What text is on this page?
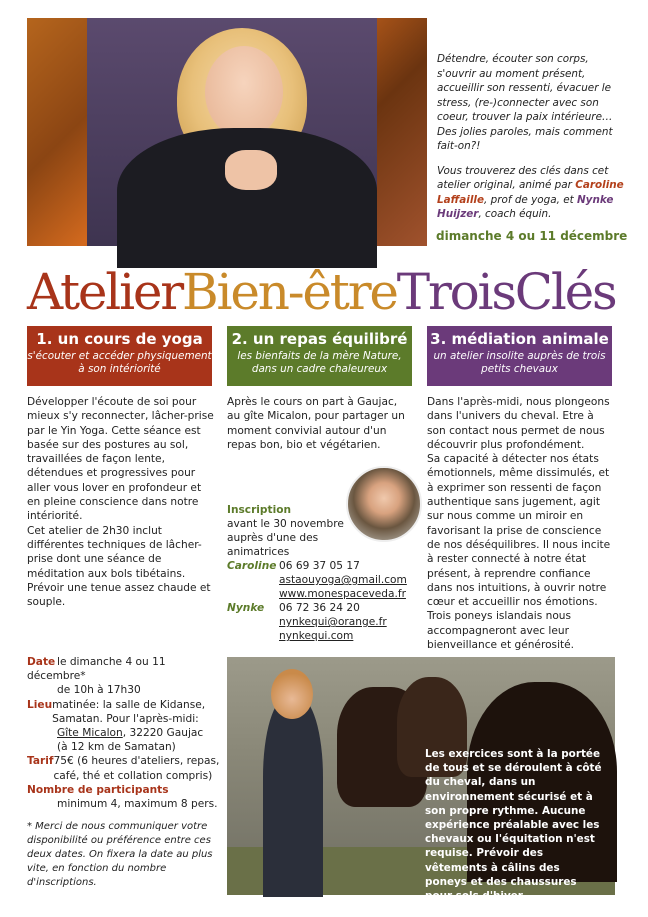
Détendre, écouter son corps, s'ouvrir au moment présent, accueillir son ressenti, évacuer le stress, (re-)connecter avec son coeur, trouver la paix intérieure… Des jolies paroles, mais comment fait-on?!

Vous trouverez des clés dans cet atelier original, animé par Caroline Laffaille, prof de yoga, et Nynke Huijzer, coach équin.

dimanche 4 ou 11 décembre
AtelierBien-êtreTroisClés
1. un cours de yoga
s'écouter et accéder physiquement à son intériorité
2. un repas équilibré
les bienfaits de la mère Nature, dans un cadre chaleureux
3. médiation animale
un atelier insolite auprès de trois petits chevaux

Développer l'écoute de soi pour mieux s'y reconnecter, lâcher-prise par le Yin Yoga. Cette séance est basée sur des postures au sol, travaillées de façon lente, détendues et progressives pour aller vous lover en profondeur et en pleine conscience dans notre intériorité.

Cet atelier de 2h30 inclut différentes techniques de lâcher-prise dont une séance de méditation aux bols tibétains.

Prévoir une tenue assez chaude et souple.

Après le cours on part à Gaujac, au gîte Micalon, pour partager un moment convivial autour d'un repas bon, bio et végétarien.

Inscription
avant le 30 novembre auprès d'une des animatrices
Caroline 06 69 37 05 17
astaouyoga@gmail.com
www.monespaceveda.fr
Nynke 06 72 36 24 20
nynkequi@orange.fr
nynkequi.com

Dans l'après-midi, nous plongeons dans l'univers du cheval. Etre à son contact nous permet de nous découvrir plus profondément.

Sa capacité à détecter nos états émotionnels, même dissimulés, et à exprimer son ressenti de façon authentique sans jugement, agit sur nous comme un miroir en favorisant la prise de conscience de nos déséquilibres. Il nous incite à rester connecté à notre état présent, à reprendre confiance dans nos intuitions, à ouvrir notre cœur et accueillir nos émotions.

Trois poneys islandais nous accompagneront avec leur bienveillance et générosité.

Date le dimanche 4 ou 11 décembre*
de 10h à 17h30
Lieu matinée: la salle de Kidanse, Samatan. Pour l'après-midi:
Gîte Micalon, 32220 Gaujac
(à 12 km de Samatan)
Tarif 75€ (6 heures d'ateliers, repas, café, thé et collation compris)
Nombre de participants
minimum 4, maximum 8 pers.
* Merci de nous communiquer votre disponibilité ou préférence entre ces deux dates. On fixera la date au plus vite, en fonction du nombre d'inscriptions.
Les exercices sont à la portée de tous et se déroulent à côté du cheval, dans un environnement sécurisé et à son propre rythme. Aucune expérience préalable avec les chevaux ou l'équitation n'est requise. Prévoir des vêtements à câlins des poneys et des chaussures pour sols d'hiver.
